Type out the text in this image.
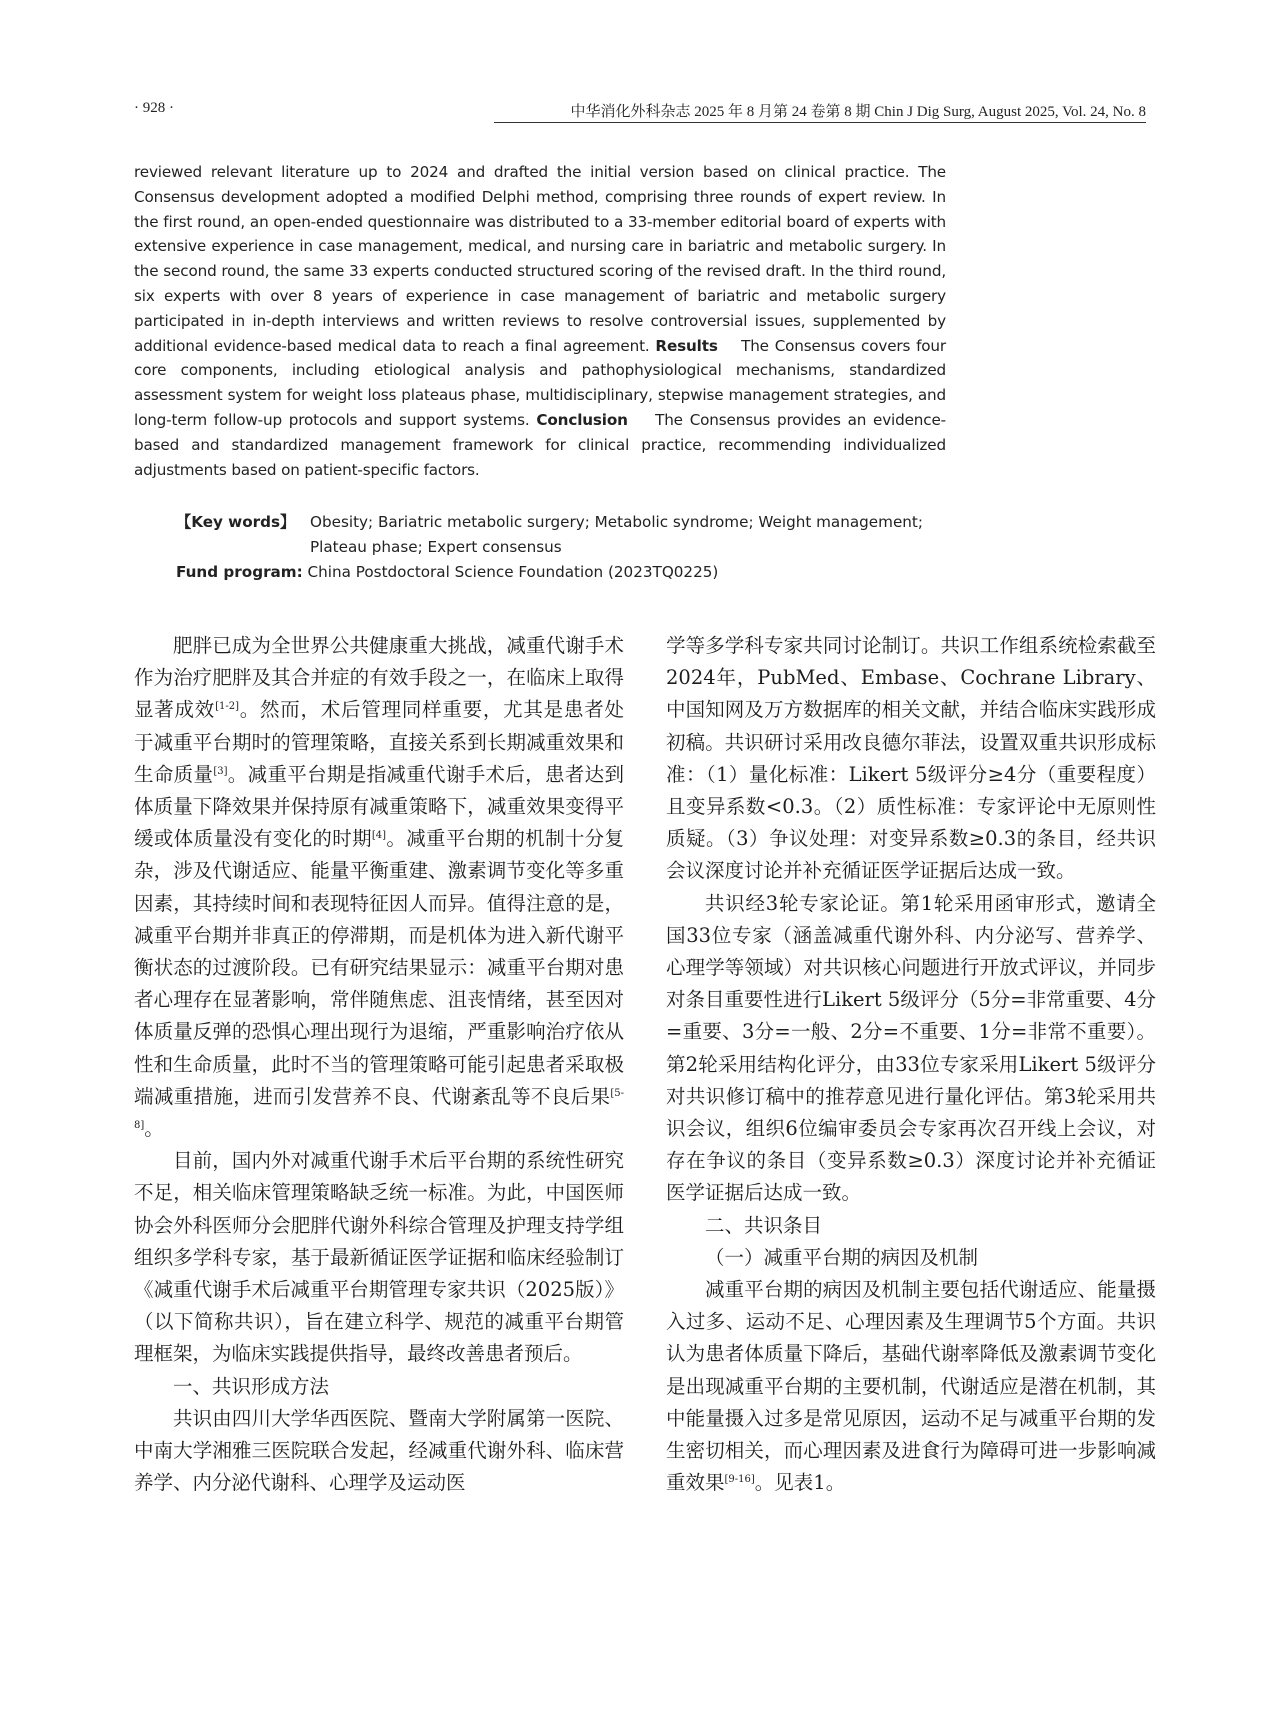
· 928 ·	中华消化外科杂志 2025 年 8 月第 24 卷第 8 期 Chin J Dig Surg, August 2025, Vol. 24, No. 8

reviewed relevant literature up to 2024 and drafted the initial version based on clinical practice. The Consensus development adopted a modified Delphi method, comprising three rounds of expert review. In the first round, an open-ended questionnaire was distributed to a 33-member editorial board of experts with extensive experience in case management, medical, and nursing care in bariatric and metabolic surgery. In the second round, the same 33 experts conducted structured scoring of the revised draft. In the third round, six experts with over 8 years of experience in case management of bariatric and metabolic surgery participated in in-depth interviews and written reviews to resolve controversial issues, supplemented by additional evidence-based medical data to reach a final agreement. Results The Consensus covers four core components, including etiological analysis and pathophysiological mechanisms, standardized assessment system for weight loss plateaus phase, multidisciplinary, stepwise management strategies, and long-term follow-up protocols and support systems. Conclusion The Consensus provides an evidence-based and standardized management framework for clinical practice, recommending individualized adjustments based on patient-specific factors.

【Key words】 Obesity; Bariatric metabolic surgery; Metabolic syndrome; Weight management; Plateau phase; Expert consensus
Fund program: China Postdoctoral Science Foundation (2023TQ0225)

肥胖已成为全世界公共健康重大挑战，减重代谢手术作为治疗肥胖及其合并症的有效手段之一，在临床上取得显著成效[1-2]。然而，术后管理同样重要，尤其是患者处于减重平台期时的管理策略，直接关系到长期减重效果和生命质量[3]。减重平台期是指减重代谢手术后，患者达到体质量下降效果并保持原有减重策略下，减重效果变得平缓或体质量没有变化的时期[4]。减重平台期的机制十分复杂，涉及代谢适应、能量平衡重建、激素调节变化等多重因素，其持续时间和表现特征因人而异。值得注意的是，减重平台期并非真正的停滞期，而是机体为进入新代谢平衡状态的过渡阶段。已有研究结果显示：减重平台期对患者心理存在显著影响，常伴随焦虑、沮丧情绪，甚至因对体质量反弹的恐惧心理出现行为退缩，严重影响治疗依从性和生命质量，此时不当的管理策略可能引起患者采取极端减重措施，进而引发营养不良、代谢紊乱等不良后果[5-8]。

目前，国内外对减重代谢手术后平台期的系统性研究不足，相关临床管理策略缺乏统一标准。为此，中国医师协会外科医师分会肥胖代谢外科综合管理及护理支持学组组织多学科专家，基于最新循证医学证据和临床经验制订《减重代谢手术后减重平台期管理专家共识（2025版）》（以下简称共识），旨在建立科学、规范的减重平台期管理框架，为临床实践提供指导，最终改善患者预后。

一、共识形成方法

共识由四川大学华西医院、暨南大学附属第一医院、中南大学湘雅三医院联合发起，经减重代谢外科、临床营养学、内分泌代谢科、心理学及运动医

学等多学科专家共同讨论制订。共识工作组系统检索截至2024年，PubMed、Embase、Cochrane Library、中国知网及万方数据库的相关文献，并结合临床实践形成初稿。共识研讨采用改良德尔菲法，设置双重共识形成标准：（1）量化标准：Likert 5级评分≥4分（重要程度）且变异系数<0.3。（2）质性标准：专家评论中无原则性质疑。（3）争议处理：对变异系数≥0.3的条目，经共识会议深度讨论并补充循证医学证据后达成一致。

共识经3轮专家论证。第1轮采用函审形式，邀请全国33位专家（涵盖减重代谢外科、内分泌写、营养学、心理学等领域）对共识核心问题进行开放式评议，并同步对条目重要性进行Likert 5级评分（5分=非常重要、4分=重要、3分=一般、2分=不重要、1分=非常不重要）。第2轮采用结构化评分，由33位专家采用Likert 5级评分对共识修订稿中的推荐意见进行量化评估。第3轮采用共识会议，组织6位编审委员会专家再次召开线上会议，对存在争议的条目（变异系数≥0.3）深度讨论并补充循证医学证据后达成一致。

二、共识条目

（一）减重平台期的病因及机制

减重平台期的病因及机制主要包括代谢适应、能量摄入过多、运动不足、心理因素及生理调节5个方面。共识认为患者体质量下降后，基础代谢率降低及激素调节变化是出现减重平台期的主要机制，代谢适应是潜在机制，其中能量摄入过多是常见原因，运动不足与减重平台期的发生密切相关，而心理因素及进食行为障碍可进一步影响减重效果[9-16]。见表1。
